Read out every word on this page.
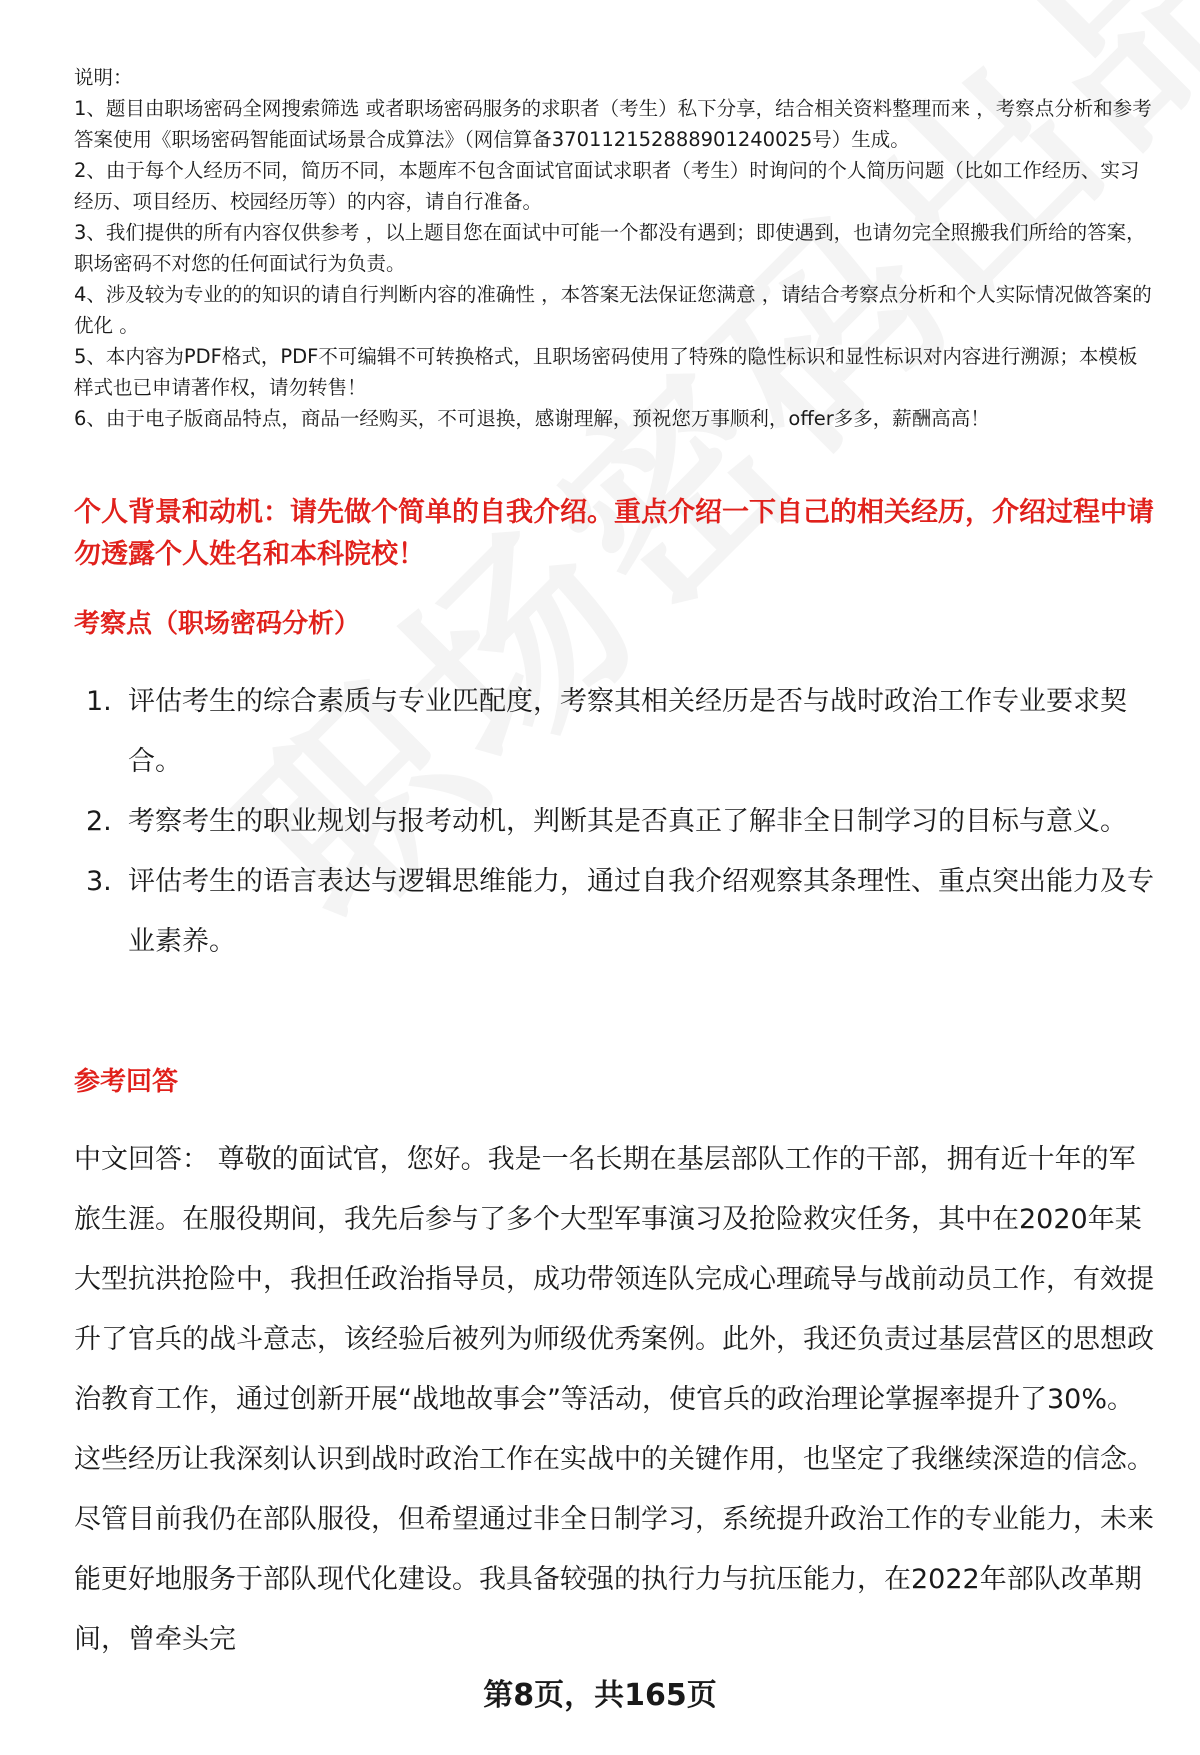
说明：

1、题目由职场密码全网搜索筛选 或者职场密码服务的求职者（考生）私下分享，结合相关资料整理而来 ，考察点分析和参考答案使用《职场密码智能面试场景合成算法》（网信算备370112152888901240025号）生成。

2、由于每个人经历不同，简历不同，本题库不包含面试官面试求职者（考生）时询问的个人简历问题（比如工作经历、实习经历、项目经历、校园经历等）的内容，请自行准备。

3、我们提供的所有内容仅供参考 ，以上题目您在面试中可能一个都没有遇到；即使遇到，也请勿完全照搬我们所给的答案，职场密码不对您的任何面试行为负责。

4、涉及较为专业的的知识的请自行判断内容的准确性 ，本答案无法保证您满意 ，请结合考察点分析和个人实际情况做答案的优化 。

5、本内容为PDF格式，PDF不可编辑不可转换格式，且职场密码使用了特殊的隐性标识和显性标识对内容进行溯源；本模板样式也已申请著作权，请勿转售！

6、由于电子版商品特点，商品一经购买，不可退换，感谢理解，预祝您万事顺利，offer多多，薪酬高高！

个人背景和动机：请先做个简单的自我介绍。重点介绍一下自己的相关经历，介绍过程中请勿透露个人姓名和本科院校！
考察点（职场密码分析）
1. 评估考生的综合素质与专业匹配度，考察其相关经历是否与战时政治工作专业要求契合。
2. 考察考生的职业规划与报考动机，判断其是否真正了解非全日制学习的目标与意义。
3. 评估考生的语言表达与逻辑思维能力，通过自我介绍观察其条理性、重点突出能力及专业素养。
参考回答

中文回答： 尊敬的面试官，您好。我是一名长期在基层部队工作的干部，拥有近十年的军旅生涯。在服役期间，我先后参与了多个大型军事演习及抢险救灾任务，其中在2020年某大型抗洪抢险中，我担任政治指导员，成功带领连队完成心理疏导与战前动员工作，有效提升了官兵的战斗意志，该经验后被列为师级优秀案例。此外，我还负责过基层营区的思想政治教育工作，通过创新开展“战地故事会”等活动，使官兵的政治理论掌握率提升了30%。这些经历让我深刻认识到战时政治工作在实战中的关键作用，也坚定了我继续深造的信念。尽管目前我仍在部队服役，但希望通过非全日制学习，系统提升政治工作的专业能力，未来能更好地服务于部队现代化建设。我具备较强的执行力与抗压能力，在2022年部队改革期间，曾牵头完

第8页，共165页
